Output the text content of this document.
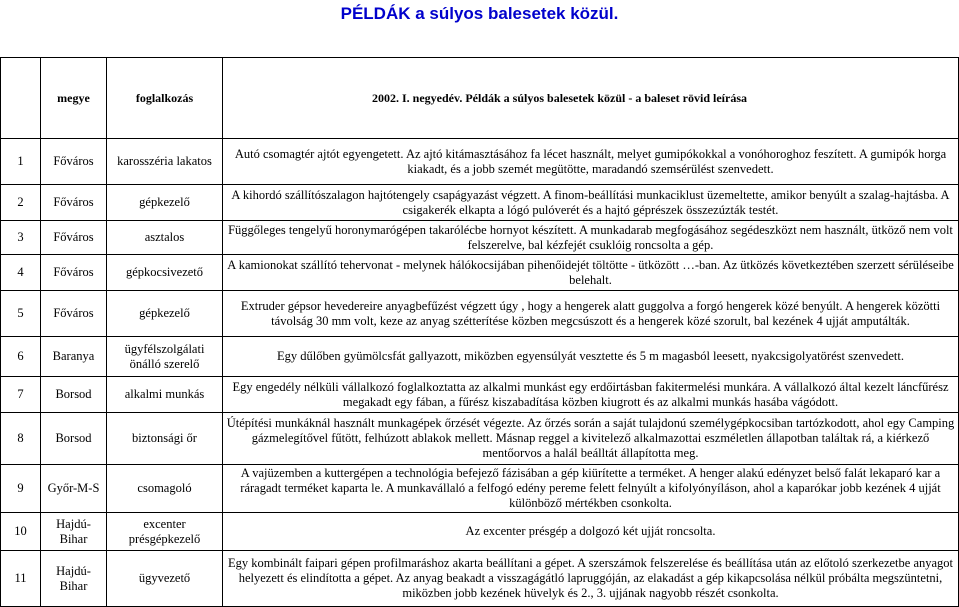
PÉLDÁK a súlyos balesetek közül.
	megye	foglalkozás	2002. I. negyedév. Példák a súlyos balesetek közül - a baleset rövid leírása
1	Főváros	karosszéria lakatos	Autó csomagtér ajtót egyengetett. Az ajtó kitámasztásához fa lécet használt, melyet gumipókokkal a vonóhoroghoz feszített. A gumipók horga kiakadt, és a jobb szemét megütötte, maradandó szemsérülést szenvedett.
2	Főváros	gépkezelő	A kihordó szállítószalagon hajtótengely csapágyazást végzett. A finom-beállítási munkaciklust üzemeltette, amikor benyúlt a szalag-hajtásba. A csigakerék elkapta a lógó pulóverét és a hajtó géprészek összezúzták testét.
3	Főváros	asztalos	Függőleges tengelyű horonymarógépen takarólécbe hornyot készített. A munkadarab megfogásához segédeszközt nem használt, ütköző nem volt felszerelve, bal kézfejét csuklóig roncsolta a gép.
4	Főváros	gépkocsivezető	A kamionokat szállító tehervonat - melynek hálókocsijában pihenőidejét töltötte - ütközött …-ban. Az ütközés következtében szerzett sérüléseibe belehalt.
5	Főváros	gépkezelő	Extruder gépsor hevedereire anyagbefűzést végzett úgy , hogy a hengerek alatt guggolva a forgó hengerek közé benyúlt. A hengerek közötti távolság 30 mm volt, keze az anyag szétterítése közben megcsúszott és a hengerek közé szorult, bal kezének 4 ujját amputálták.
6	Baranya	ügyfélszolgálati önálló szerelő	Egy dűlőben gyümölcsfát gallyazott, miközben egyensúlyát vesztette és 5 m magasból leesett, nyakcsigolyatörést szenvedett.
7	Borsod	alkalmi munkás	Egy engedély nélküli vállalkozó foglalkoztatta az alkalmi munkást egy erdőirtásban fakitermelési munkára. A vállalkozó által kezelt láncfűrész megakadt egy fában, a fűrész kiszabadítása közben kiugrott és az alkalmi munkás hasába vágódott.
8	Borsod	biztonsági őr	Útépítési munkáknál használt munkagépek őrzését végezte. Az őrzés során a saját tulajdonú személygépkocsiban tartózkodott, ahol egy Camping gázmelegítővel fűtött, felhúzott ablakok mellett. Másnap reggel a kivitelező alkalmazottai eszméletlen állapotban találtak rá, a kiérkező mentőorvos a halál beálltát állapította meg.
9	Győr-M-S	csomagoló	A vajüzemben a kuttergépen a technológia befejező fázisában a gép kiürítette a terméket. A henger alakú edényzet belső falát lekaparó kar a ráragadt terméket kaparta le. A munkavállaló a felfogó edény pereme felett felnyúlt a kifolyónyíláson, ahol a kaparókar jobb kezének 4 ujját különböző mértékben csonkolta.
10	Hajdú-Bihar	excenter présgépkezelő	Az excenter présgép a dolgozó két ujját roncsolta.
11	Hajdú-Bihar	ügyvezető	Egy kombinált faipari gépen profilmaráshoz akarta beállítani a gépet. A szerszámok felszerelése és beállítása után az előtoló szerkezetbe anyagot helyezett és elindította a gépet. Az anyag beakadt a visszagágátló lapruggóján, az elakadást a gép kikapcsolása nélkül próbálta megszüntetni, miközben jobb kezének hüvelyk és 2., 3. ujjának nagyobb részét csonkolta.
